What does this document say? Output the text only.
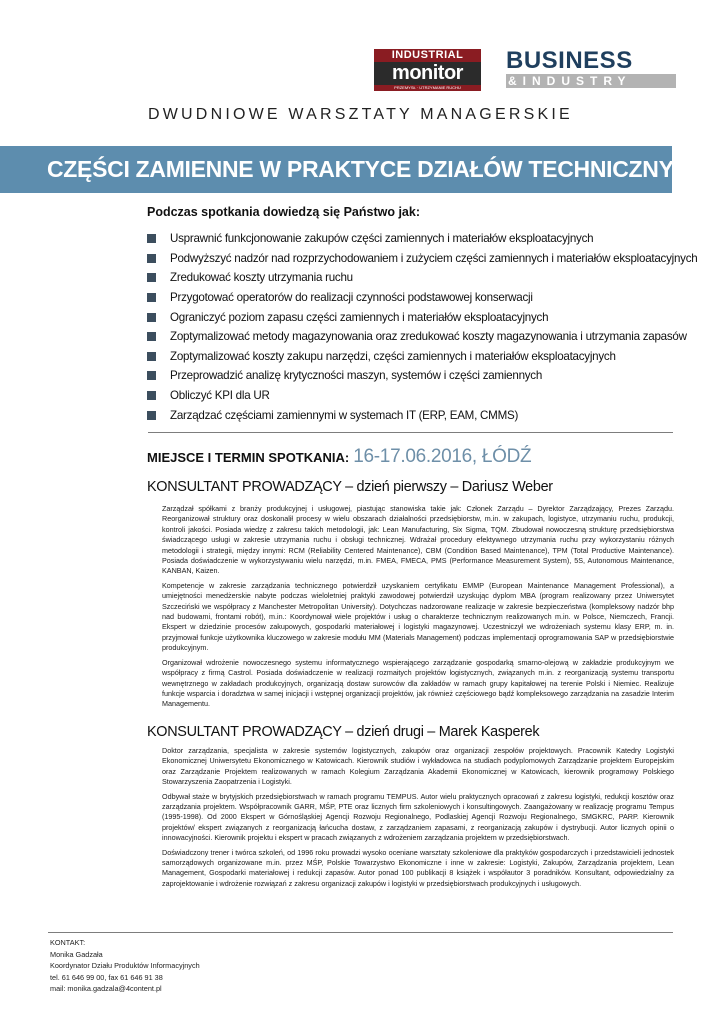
INDUSTRIAL
monitor
PRZEMYSŁ · UTRZYMANIE RUCHU
BUSINESS
&INDUSTRY
DWUDNIOWE WARSZTATY MANAGERSKIE
CZĘŚCI ZAMIENNE W PRAKTYCE DZIAŁÓW TECHNICZNYCH
Podczas spotkania dowiedzą się Państwo jak:
Usprawnić funkcjonowanie zakupów części zamiennych i materiałów eksploatacyjnych
Podwyższyć nadzór nad rozprzychodowaniem i zużyciem części zamiennych i materiałów eksploatacyjnych
Zredukować koszty utrzymania ruchu
Przygotować operatorów do realizacji czynności podstawowej konserwacji
Ograniczyć poziom zapasu części zamiennych i materiałów eksploatacyjnych
Zoptymalizować metody magazynowania oraz zredukować koszty magazynowania i utrzymania zapasów
Zoptymalizować koszty zakupu narzędzi, części zamiennych i materiałów eksploatacyjnych
Przeprowadzić analizę krytyczności maszyn, systemów i części zamiennych
Obliczyć KPI dla UR
Zarządzać częściami zamiennymi w systemach IT (ERP, EAM, CMMS)
MIEJSCE I TERMIN SPOTKANIA: 16-17.06.2016, ŁÓDŹ
KONSULTANT PROWADZĄCY – dzień pierwszy – Dariusz Weber

Zarządzał spółkami z branży produkcyjnej i usługowej, piastując stanowiska takie jak: Członek Zarządu – Dyrektor Zarządzający, Prezes Zarządu. Reorganizował struktury oraz doskonalił procesy w wielu obszarach działalności przedsiębiorstw, m.in. w zakupach, logistyce, utrzymaniu ruchu, produkcji, kontroli jakości. Posiada wiedzę z zakresu takich metodologii, jak: Lean Manufacturing, Six Sigma, TQM. Zbudował nowoczesną strukturę przedsiębiorstwa świadczącego usługi w zakresie utrzymania ruchu i obsługi technicznej. Wdrażał procedury efektywnego utrzymania ruchu przy wykorzystaniu różnych metodologii i strategii, między innymi: RCM (Reliability Centered Maintenance), CBM (Condition Based Maintenance), TPM (Total Productive Maintenance). Posiada doświadczenie w wykorzystywaniu wielu narzędzi, m.in. FMEA, FMECA, PMS (Performance Measurement System), 5S, Autonomous Maintenance, KANBAN, Kaizen.

Kompetencje w zakresie zarządzania technicznego potwierdził uzyskaniem certyfikatu EMMP (European Maintenance Management Professional), a umiejętności menedżerskie nabyte podczas wieloletniej praktyki zawodowej potwierdził uzyskując dyplom MBA (program realizowany przez Uniwersytet Szczeciński we współpracy z Manchester Metropolitan University). Dotychczas nadzorowane realizacje w zakresie bezpieczeństwa (kompleksowy nadzór bhp nad budowami, frontami robót), m.in.: Koordynował wiele projektów i usług o charakterze technicznym realizowanych m.in. w Polsce, Niemczech, Francji. Ekspert w dziedzinie procesów zakupowych, gospodarki materiałowej i logistyki magazynowej. Uczestniczył we wdrożeniach systemu klasy ERP, m. in. przyjmował funkcje użytkownika kluczowego w zakresie modułu MM (Materials Management) podczas implementacji oprogramowania SAP w przedsiębiorstwie produkcyjnym.

Organizował wdrożenie nowoczesnego systemu informatycznego wspierającego zarządzanie gospodarką smarno-olejową w zakładzie produkcyjnym we współpracy z firmą Castrol. Posiada doświadczenie w realizacji rozmaitych projektów logistycznych, związanych m.in. z reorganizacją systemu transportu wewnętrznego w zakładach produkcyjnych, organizacją dostaw surowców dla zakładów w ramach grupy kapitałowej na terenie Polski i Niemiec. Realizuje funkcje wsparcia i doradztwa w samej inicjacji i wstępnej organizacji projektów, jak również częściowego bądź kompleksowego zarządzania na zasadzie Interim Managementu.

KONSULTANT PROWADZĄCY – dzień drugi – Marek Kasperek

Doktor zarządzania, specjalista w zakresie systemów logistycznych, zakupów oraz organizacji zespołów projektowych. Pracownik Katedry Logistyki Ekonomicznej Uniwersytetu Ekonomicznego w Katowicach. Kierownik studiów i wykładowca na studiach podyplomowych Zarządzanie projektem Europejskim oraz Zarządzanie Projektem realizowanych w ramach Kolegium Zarządzania Akademii Ekonomicznej w Katowicach, kierownik programowy Polskiego Stowarzyszenia Zaopatrzenia i Logistyki.

Odbywał staże w brytyjskich przedsiębiorstwach w ramach programu TEMPUS. Autor wielu praktycznych opracowań z zakresu logistyki, redukcji kosztów oraz zarządzania projektem. Współpracownik GARR, MŚP, PTE oraz licznych firm szkoleniowych i konsultingowych. Zaangażowany w realizację programu Tempus (1995-1998). Od 2000 Ekspert w Górnośląskiej Agencji Rozwoju Regionalnego, Podlaskiej Agencji Rozwoju Regionalnego, SMGKRC, PARP. Kierownik projektów/ ekspert związanych z reorganizacją łańcucha dostaw, z zarządzaniem zapasami, z reorganizacją zakupów i dystrybucji. Autor licznych opinii o innowacyjności. Kierownik projektu i ekspert w pracach związanych z wdrożeniem zarządzania projektem w przedsiębiorstwach.

Doświadczony trener i twórca szkoleń, od 1996 roku prowadzi wysoko oceniane warsztaty szkoleniowe dla praktyków gospodarczych i przedstawicieli jednostek samorządowych organizowane m.in. przez MŚP, Polskie Towarzystwo Ekonomiczne i inne w zakresie: Logistyki, Zakupów, Zarządzania projektem, Lean Management, Gospodarki materiałowej i redukcji zapasów. Autor ponad 100 publikacji 8 książek i współautor 3 poradników. Konsultant, odpowiedzialny za zaprojektowanie i wdrożenie rozwiązań z zakresu organizacji zakupów i logistyki w przedsiębiorstwach produkcyjnych i usługowych.

KONTAKT:
Monika Gadzała
Koordynator Działu Produktów Informacyjnych
tel. 61 646 99 00, fax 61 646 91 38
mail: monika.gadzala@4content.pl
